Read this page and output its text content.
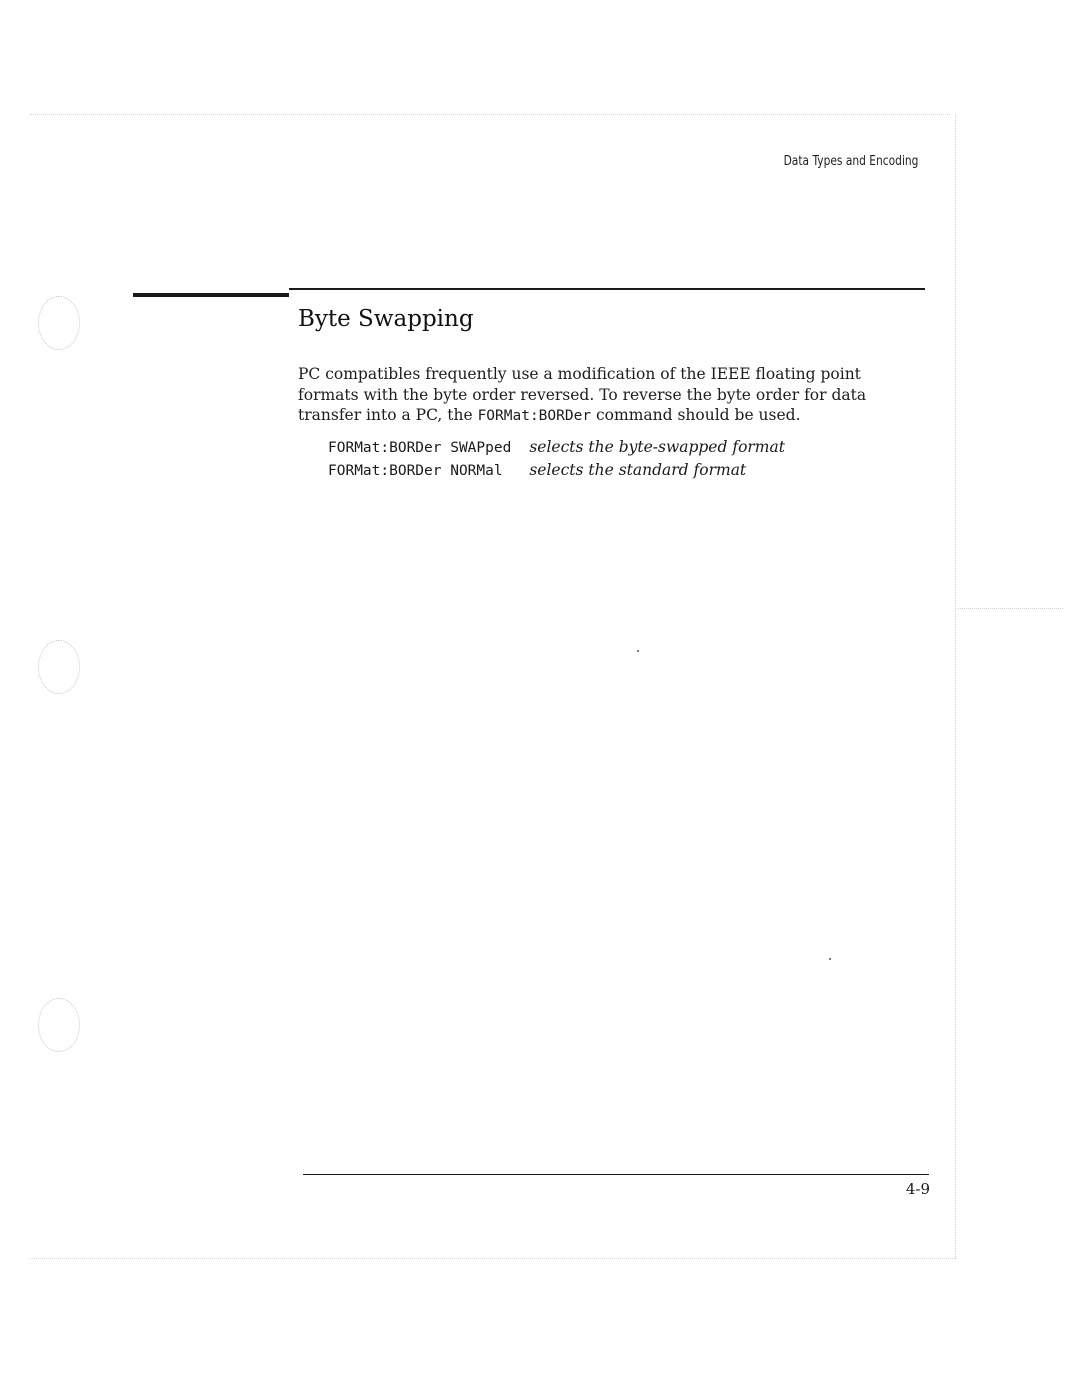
Data Types and Encoding
Byte Swapping

PC compatibles frequently use a modification of the IEEE floating point formats with the byte order reversed. To reverse the byte order for data transfer into a PC, the FORMat:BORDer command should be used.

FORMat:BORDer SWAPped	selects the byte-swapped format
FORMat:BORDer NORMal	selects the standard format
4-9
